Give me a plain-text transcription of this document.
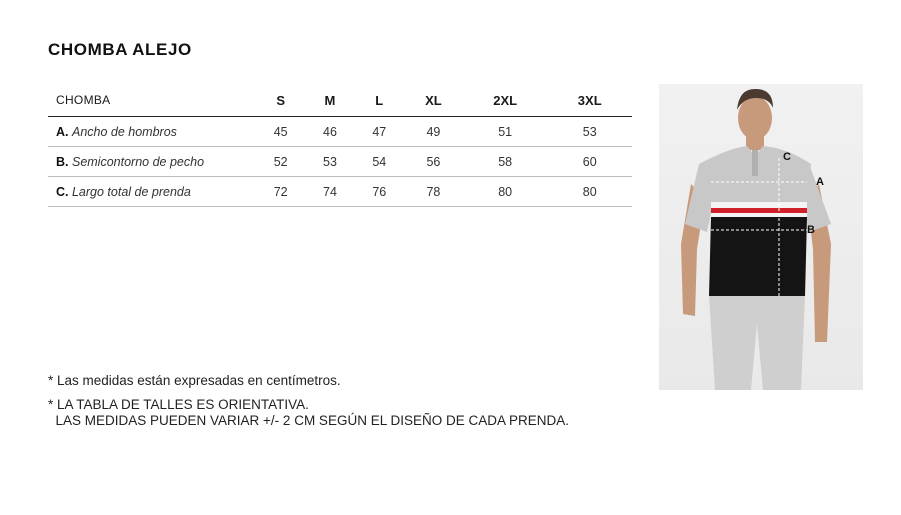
CHOMBA ALEJO
CHOMBA	S	M	L	XL	2XL	3XL
A. Ancho de hombros	45	46	47	49	51	53
B. Semicontorno de pecho	52	53	54	56	58	60
C. Largo total de prenda	72	74	76	78	80	80

* Las medidas están expresadas en centímetros.

* LA TABLA DE TALLES ES ORIENTATIVA.
LAS MEDIDAS PUEDEN VARIAR +/- 2 CM SEGÚN EL DISEÑO DE CADA PRENDA.

C
A
B
